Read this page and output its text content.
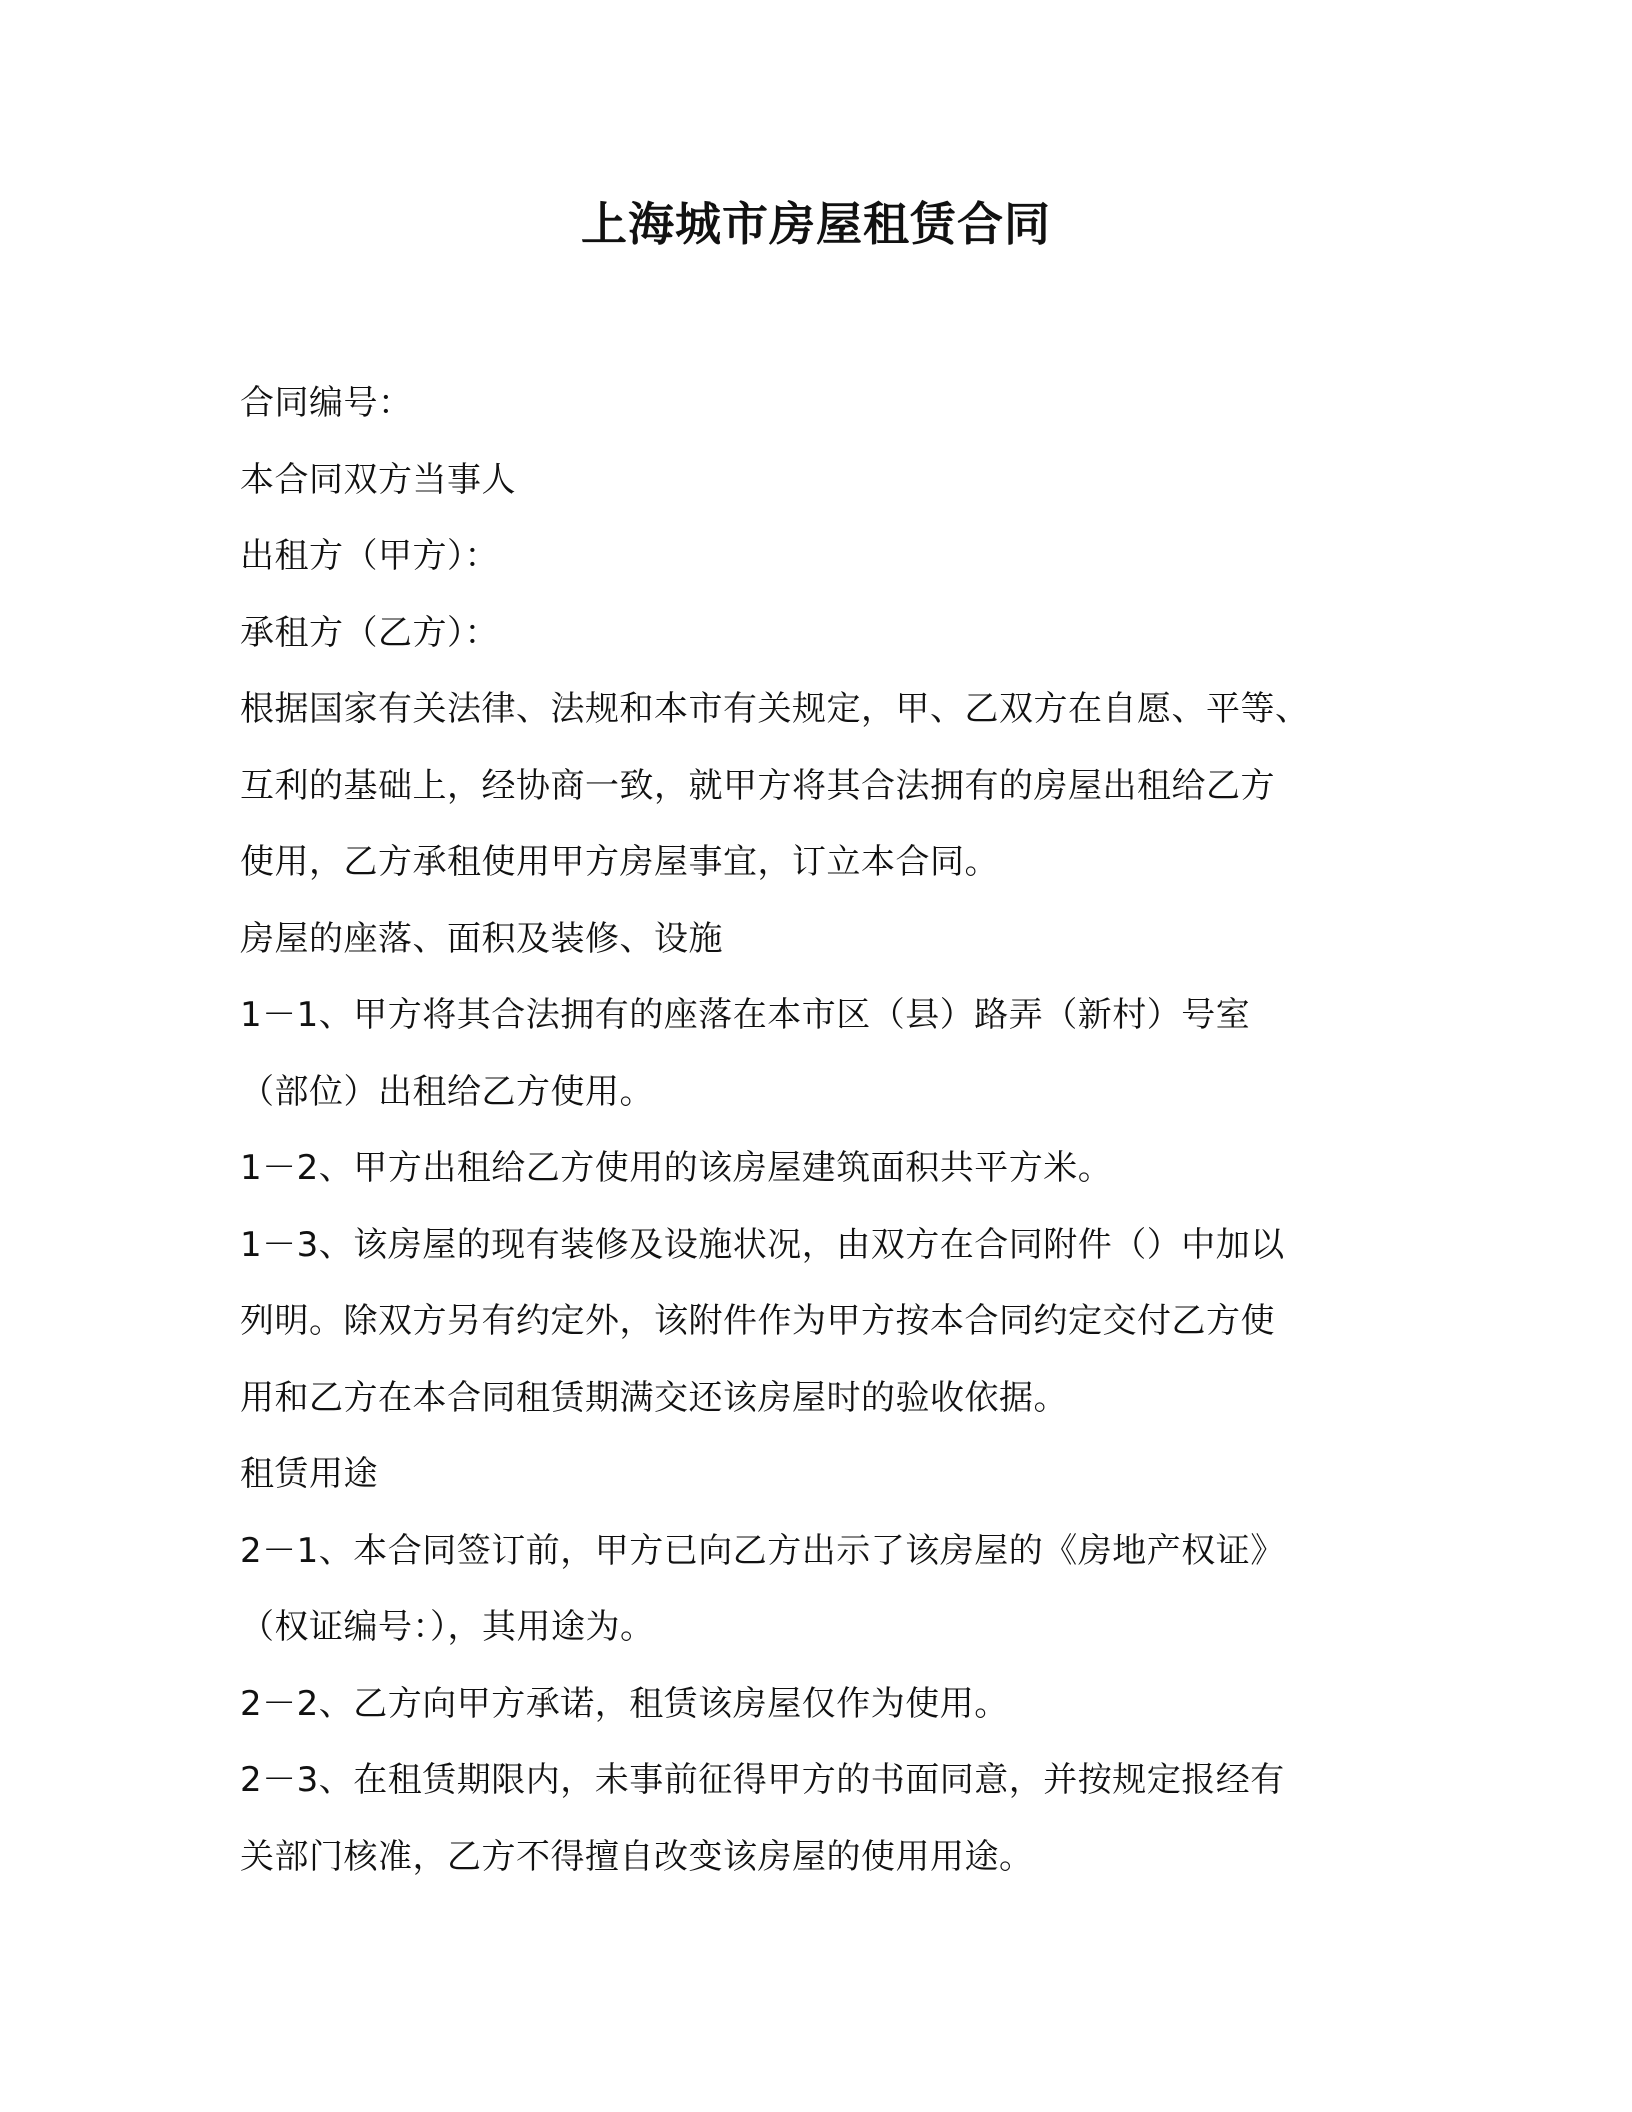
上海城市房屋租赁合同
合同编号：
本合同双方当事人
出租方（甲方）：
承租方（乙方）：
根据国家有关法律、法规和本市有关规定，甲、乙双方在自愿、平等、
互利的基础上，经协商一致，就甲方将其合法拥有的房屋出租给乙方
使用，乙方承租使用甲方房屋事宜，订立本合同。
房屋的座落、面积及装修、设施
1－1、甲方将其合法拥有的座落在本市区（县）路弄（新村）号室
（部位）出租给乙方使用。
1－2、甲方出租给乙方使用的该房屋建筑面积共平方米。
1－3、该房屋的现有装修及设施状况，由双方在合同附件（）中加以
列明。除双方另有约定外，该附件作为甲方按本合同约定交付乙方使
用和乙方在本合同租赁期满交还该房屋时的验收依据。
租赁用途
2－1、本合同签订前，甲方已向乙方出示了该房屋的《房地产权证》
（权证编号：），其用途为。
2－2、乙方向甲方承诺，租赁该房屋仅作为使用。
2－3、在租赁期限内，未事前征得甲方的书面同意，并按规定报经有
关部门核准，乙方不得擅自改变该房屋的使用用途。
